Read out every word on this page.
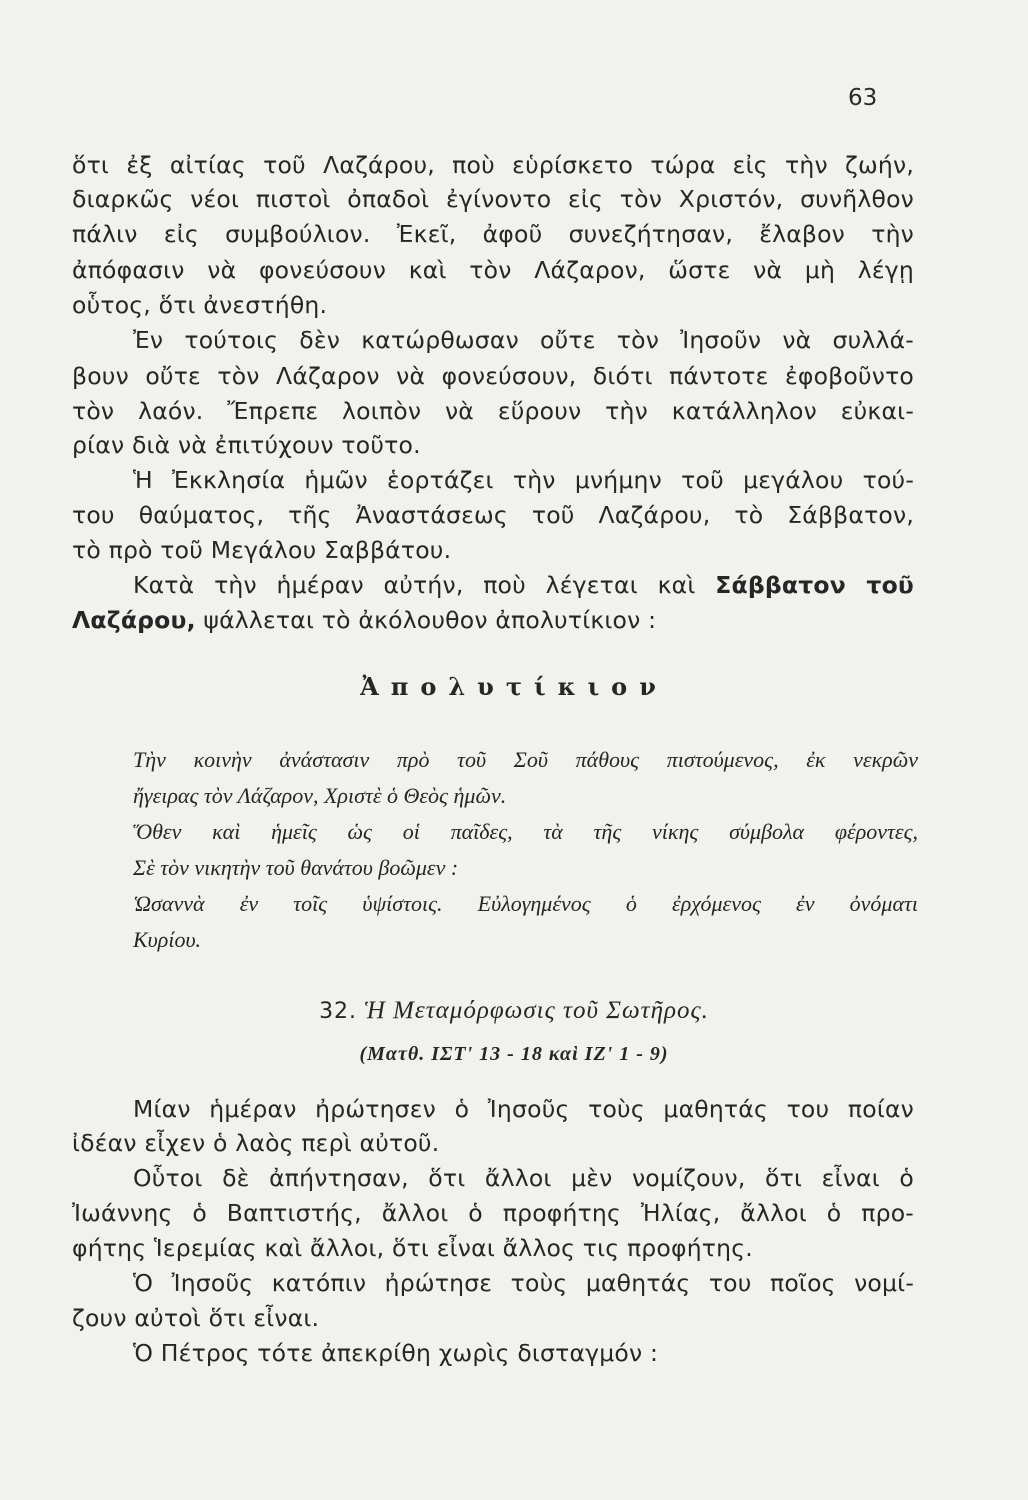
63
ὅτι ἐξ αἰτίας τοῦ Λαζάρου, ποὺ εὑρίσκετο τώρα εἰς τὴν ζωήν,
διαρκῶς νέοι πιστοὶ ὀπαδοὶ ἐγίνοντο εἰς τὸν Χριστόν, συνῆλθον
πάλιν εἰς συμβούλιον. Ἐκεῖ, ἀφοῦ συνεζήτησαν, ἔλαβον τὴν
ἀπόφασιν νὰ φονεύσουν καὶ τὸν Λάζαρον, ὥστε νὰ μὴ λέγῃ
οὗτος, ὅτι ἀνεστήθη.
Ἐν τούτοις δὲν κατώρθωσαν οὔτε τὸν Ἰησοῦν νὰ συλλά-
βουν οὔτε τὸν Λάζαρον νὰ φονεύσουν, διότι πάντοτε ἐφοβοῦντο
τὸν λαόν. Ἔπρεπε λοιπὸν νὰ εὕρουν τὴν κατάλληλον εὐκαι-
ρίαν διὰ νὰ ἐπιτύχουν τοῦτο.
Ἡ Ἐκκλησία ἡμῶν ἑορτάζει τὴν μνήμην τοῦ μεγάλου τού-
του θαύματος, τῆς Ἀναστάσεως τοῦ Λαζάρου, τὸ Σάββατον,
τὸ πρὸ τοῦ Μεγάλου Σαββάτου.
Κατὰ τὴν ἡμέραν αὐτήν, ποὺ λέγεται καὶ Σάββατον τοῦ
Λαζάρου, ψάλλεται τὸ ἀκόλουθον ἀπολυτίκιον :
Ἀπολυτίκιον
Τὴν κοινὴν ἀνάστασιν πρὸ τοῦ Σοῦ πάθους πιστούμενος, ἐκ νεκρῶν
ἤγειρας τὸν Λάζαρον, Χριστὲ ὁ Θεὸς ἡμῶν.
Ὅθεν καὶ ἡμεῖς ὡς οἱ παῖδες, τὰ τῆς νίκης σύμβολα φέροντες,
Σὲ τὸν νικητὴν τοῦ θανάτου βοῶμεν :
Ὡσαννὰ ἐν τοῖς ὑψίστοις. Εὐλογημένος ὁ ἐρχόμενος ἐν ὀνόματι
Κυρίου.
32. Ἡ Μεταμόρφωσις τοῦ Σωτῆρος.
(Ματθ. ΙΣΤ' 13 - 18 καὶ ΙΖ' 1 - 9)
Μίαν ἡμέραν ἠρώτησεν ὁ Ἰησοῦς τοὺς μαθητάς του ποίαν
ἰδέαν εἶχεν ὁ λαὸς περὶ αὐτοῦ.
Οὗτοι δὲ ἀπήντησαν, ὅτι ἄλλοι μὲν νομίζουν, ὅτι εἶναι ὁ
Ἰωάννης ὁ Βαπτιστής, ἄλλοι ὁ προφήτης Ἠλίας, ἄλλοι ὁ προ-
φήτης Ἱερεμίας καὶ ἄλλοι, ὅτι εἶναι ἄλλος τις προφήτης.
Ὁ Ἰησοῦς κατόπιν ἠρώτησε τοὺς μαθητάς του ποῖος νομί-
ζουν αὐτοὶ ὅτι εἶναι.
Ὁ Πέτρος τότε ἀπεκρίθη χωρὶς δισταγμόν :
